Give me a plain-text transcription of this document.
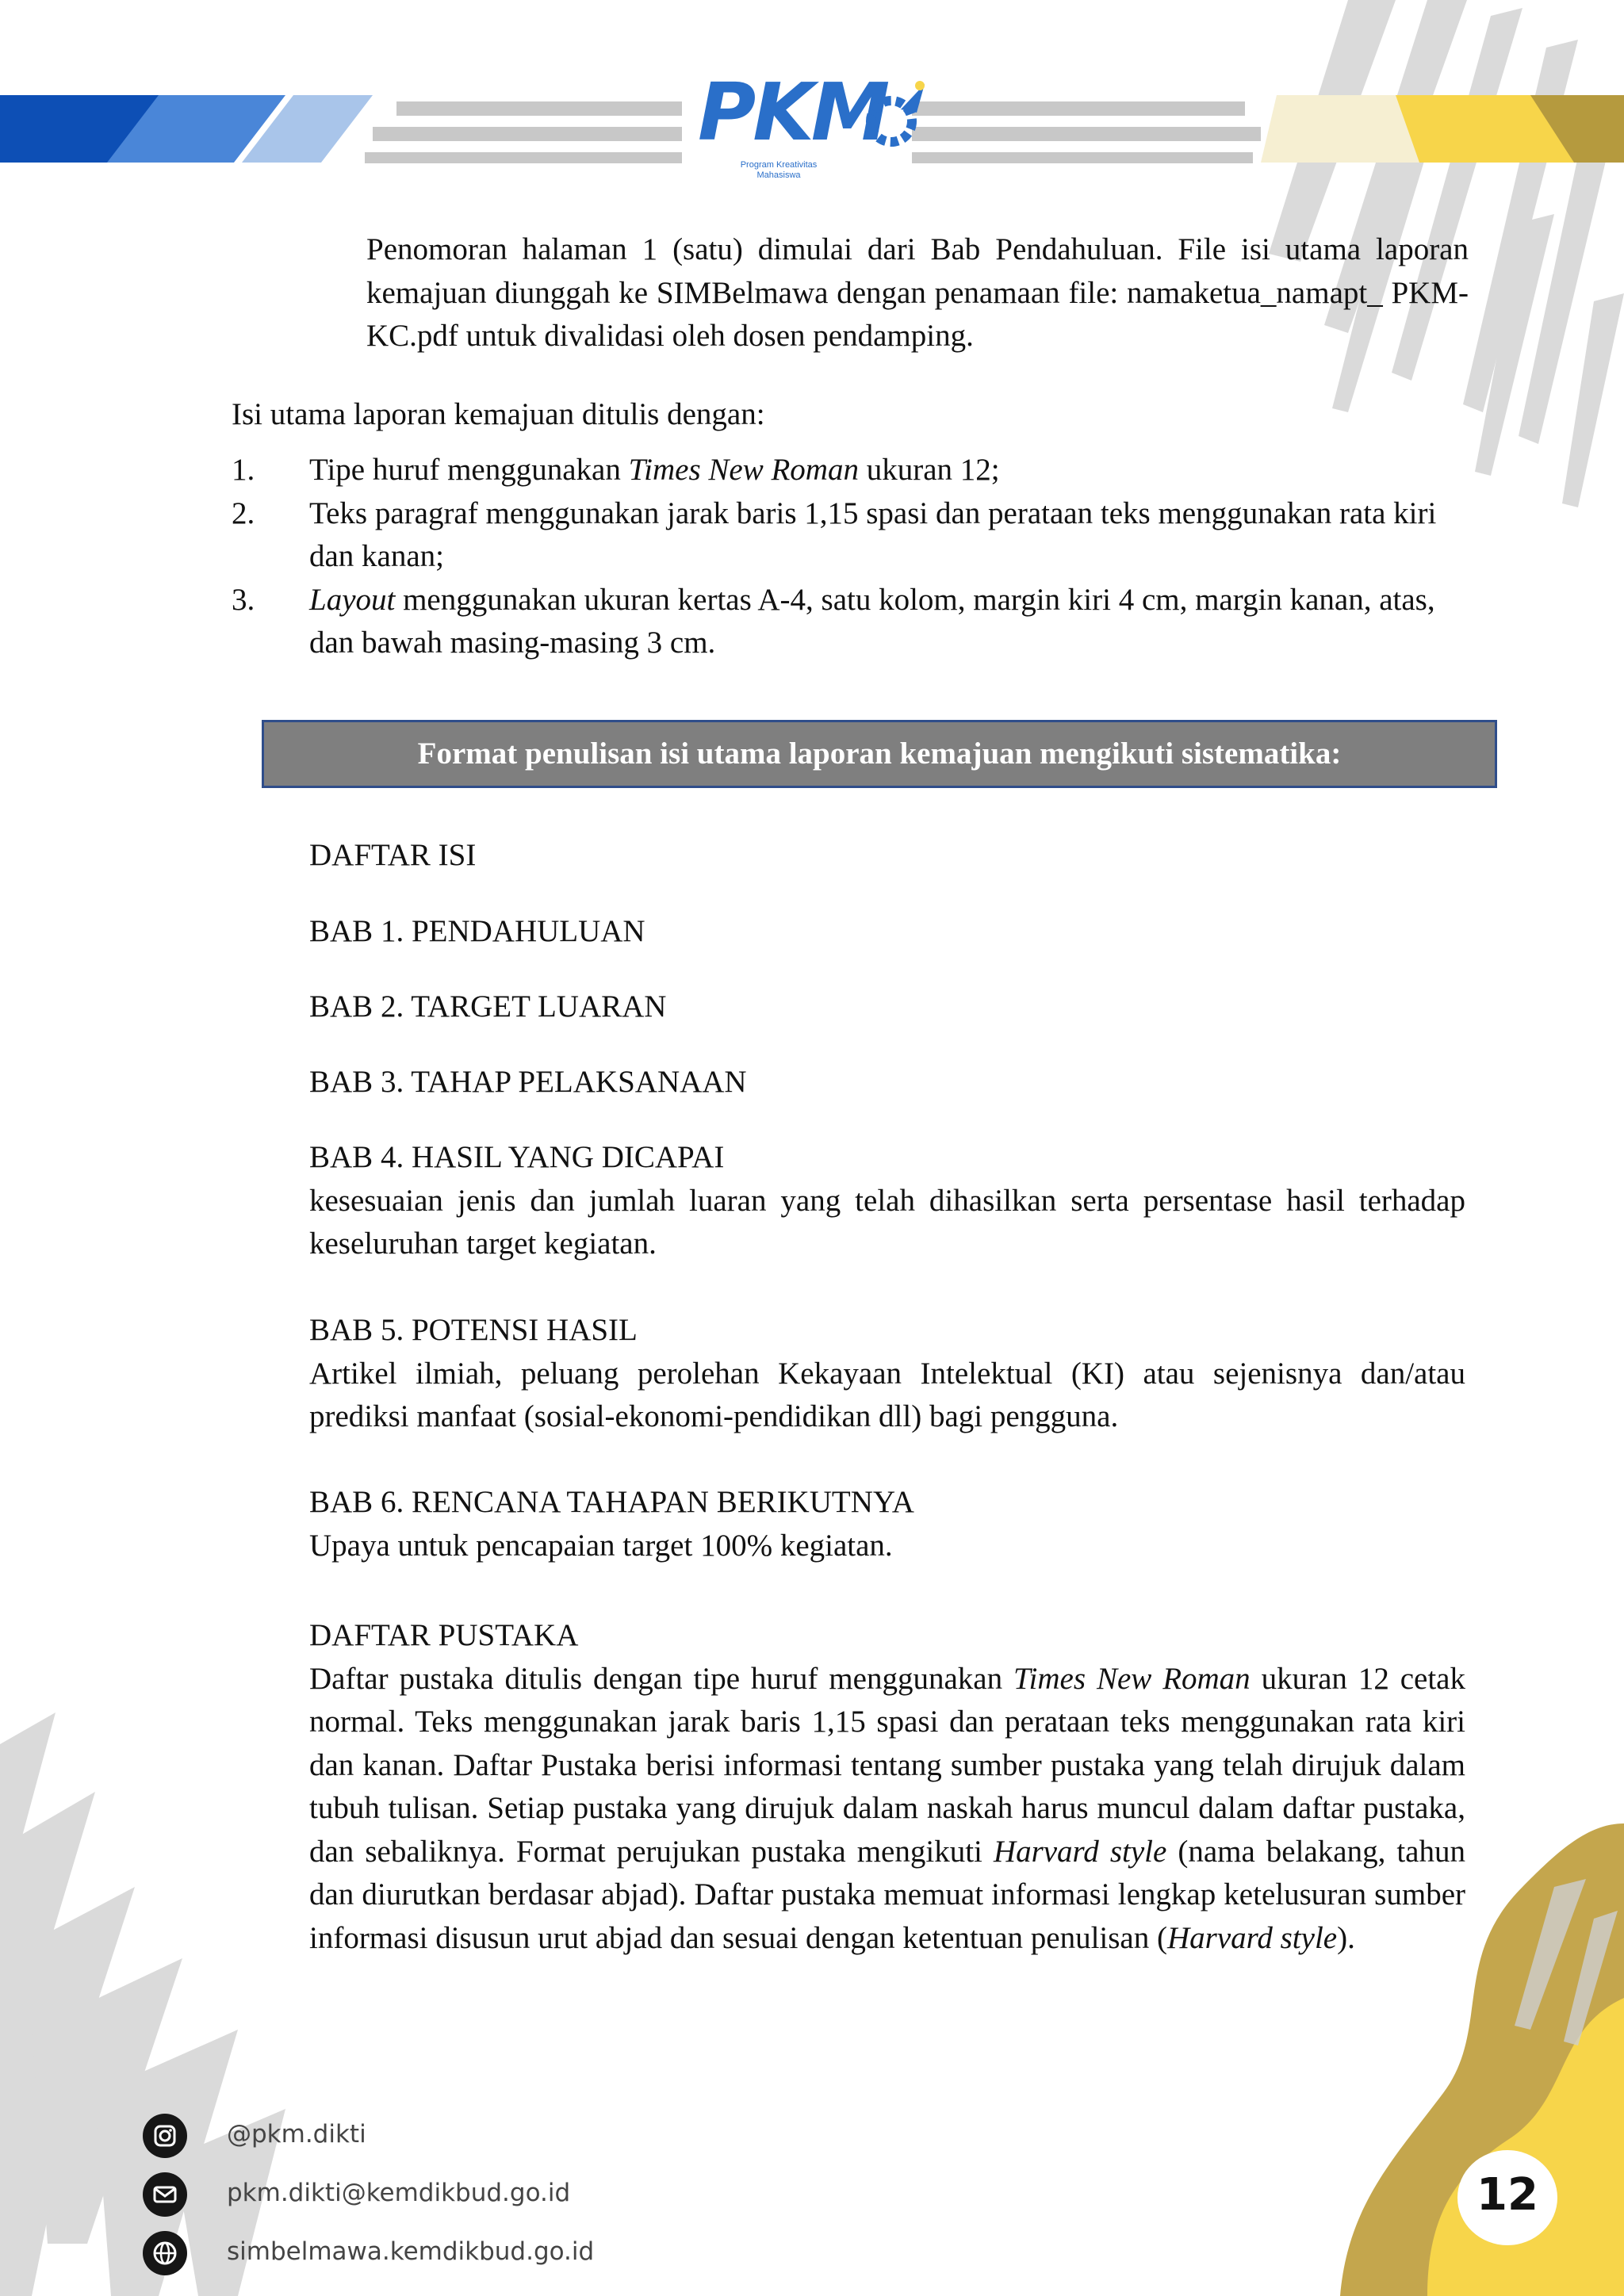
PKM
Program Kreativitas
Mahasiswa
Penomoran halaman 1 (satu) dimulai dari Bab Pendahuluan. File isi utama laporan kemajuan diunggah ke SIMBelmawa dengan penamaan file: namaketua_namapt_ PKM-KC.pdf untuk divalidasi oleh dosen pendamping.
Isi utama laporan kemajuan ditulis dengan:
1. Tipe huruf menggunakan Times New Roman ukuran 12;
2. Teks paragraf menggunakan jarak baris 1,15 spasi dan perataan teks menggunakan rata kiri dan kanan;
3. Layout menggunakan ukuran kertas A-4, satu kolom, margin kiri 4 cm, margin kanan, atas, dan bawah masing-masing 3 cm.
Format penulisan isi utama laporan kemajuan mengikuti sistematika:
DAFTAR ISI
BAB 1. PENDAHULUAN
BAB 2. TARGET LUARAN
BAB 3. TAHAP PELAKSANAAN
BAB 4. HASIL YANG DICAPAI
kesesuaian jenis dan jumlah luaran yang telah dihasilkan serta persentase hasil terhadap keseluruhan target kegiatan.
BAB 5. POTENSI HASIL
Artikel ilmiah, peluang perolehan Kekayaan Intelektual (KI) atau sejenisnya dan/atau prediksi manfaat (sosial-ekonomi-pendidikan dll) bagi pengguna.
BAB 6. RENCANA TAHAPAN BERIKUTNYA
Upaya untuk pencapaian target 100% kegiatan.
DAFTAR PUSTAKA
Daftar pustaka ditulis dengan tipe huruf menggunakan Times New Roman ukuran 12 cetak normal. Teks menggunakan jarak baris 1,15 spasi dan perataan teks menggunakan rata kiri dan kanan. Daftar Pustaka berisi informasi tentang sumber pustaka yang telah dirujuk dalam tubuh tulisan. Setiap pustaka yang dirujuk dalam naskah harus muncul dalam daftar pustaka, dan sebaliknya. Format perujukan pustaka mengikuti Harvard style (nama belakang, tahun dan diurutkan berdasar abjad). Daftar pustaka memuat informasi lengkap ketelusuran sumber informasi disusun urut abjad dan sesuai dengan ketentuan penulisan (Harvard style).
@pkm.dikti
pkm.dikti@kemdikbud.go.id
simbelmawa.kemdikbud.go.id
12
